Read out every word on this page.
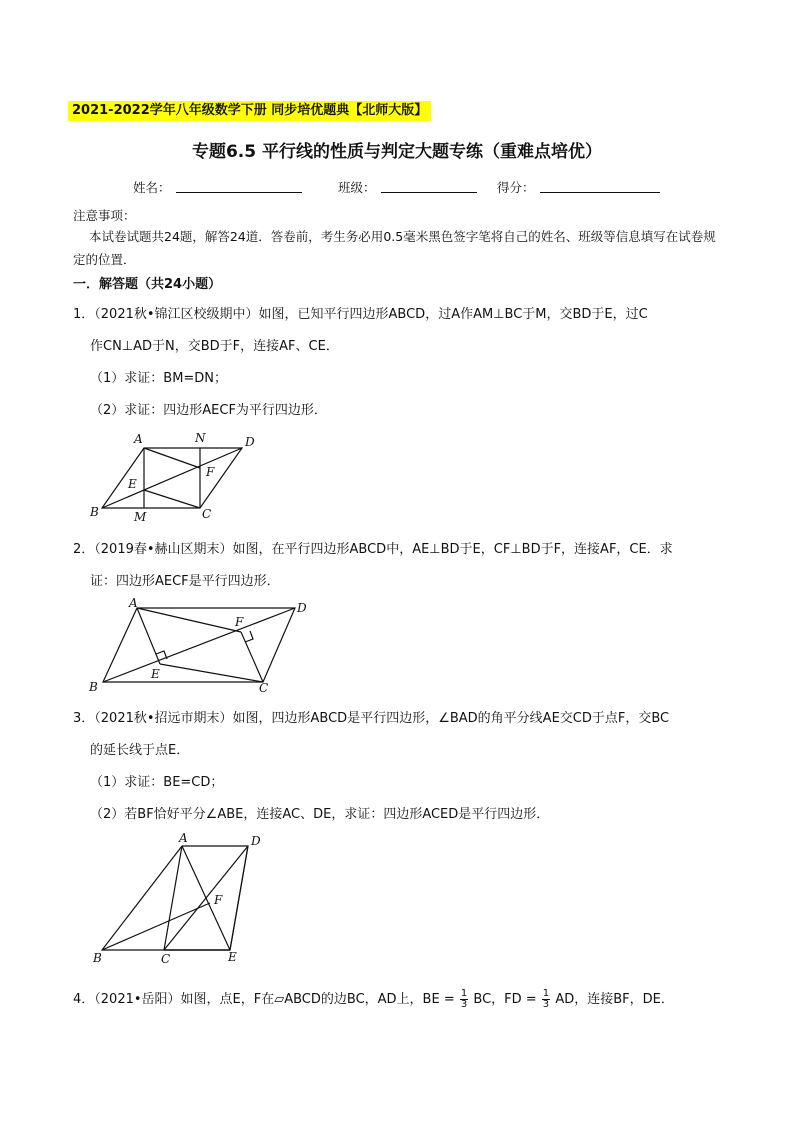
2021-2022学年八年级数学下册 同步培优题典【北师大版】
专题6.5 平行线的性质与判定大题专练（重难点培优）
姓名：	班级：	得分：
注意事项：
本试卷试题共24题，解答24道．答卷前，考生务必用0.5毫米黑色签字笔将自己的姓名、班级等信息填写在试卷规定的位置．
一．解答题（共24小题）
1．（2021秋•锦江区校级期中）如图，已知平行四边形ABCD，过A作AM⊥BC于M，交BD于E，过C
作CN⊥AD于N，交BD于F，连接AF、CE．
（1）求证：BM=DN；
（2）求证：四边形AECF为平行四边形．
A	N	D
F
E
B	M	C
2．（2019春•赫山区期末）如图，在平行四边形ABCD中，AE⊥BD于E，CF⊥BD于F，连接AF，CE．求
证：四边形AECF是平行四边形．
A	D
F
E
B	C
3．（2021秋•招远市期末）如图，四边形ABCD是平行四边形，∠BAD的角平分线AE交CD于点F，交BC
的延长线于点E．
（1）求证：BE=CD；
（2）若BF恰好平分∠ABE，连接AC、DE，求证：四边形ACED是平行四边形．
A	D
F
B	C	E
4．（2021•岳阳）如图，点E，F在▱ABCD的边BC，AD上，BE = $\frac{1}{3}$ BC，FD = $\frac{1}{3}$ AD，连接BF，DE．
